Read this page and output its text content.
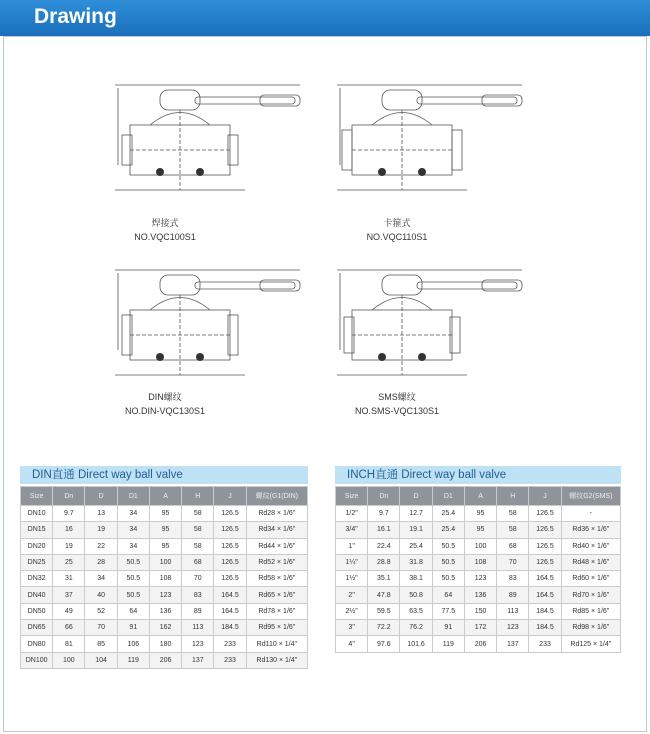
Drawing
焊接式
NO.VQC100S1
卡箍式
NO.VQC110S1
DIN螺纹
NO.DIN-VQC130S1
SMS螺纹
NO.SMS-VQC130S1
DIN直通 Direct way ball valve
Size	Dn	D	D1	A	H	J	螺纹(G1(DIN)
DN10	9.7	13	34	95	58	126.5	Rd28 × 1/6"
DN15	16	19	34	95	58	126.5	Rd34 × 1/6"
DN20	19	22	34	95	58	126.5	Rd44 × 1/6"
DN25	25	28	50.5	100	68	126.5	Rd52 × 1/6"
DN32	31	34	50.5	108	70	126.5	Rd58 × 1/6"
DN40	37	40	50.5	123	83	164.5	Rd65 × 1/6"
DN50	49	52	64	136	89	164.5	Rd78 × 1/6"
DN65	66	70	91	162	113	184.5	Rd95 × 1/6"
DN80	81	85	106	180	123	233	Rd110 × 1/4"
DN100	100	104	119	206	137	233	Rd130 × 1/4"
INCH直通 Direct way ball valve
Size	Dn	D	D1	A	H	J	螺纹G2(SMS)
1/2"	9.7	12.7	25.4	95	58	126.5	-
3/4"	16.1	19.1	25.4	95	58	126.5	Rd36 × 1/6"
1"	22.4	25.4	50.5	100	68	126.5	Rd40 × 1/6"
1¼"	28.8	31.8	50.5	108	70	126.5	Rd48 × 1/6"
1½"	35.1	38.1	50.5	123	83	164.5	Rd60 × 1/6"
2"	47.8	50.8	64	136	89	164.5	Rd70 × 1/6"
2½"	59.5	63.5	77.5	150	113	184.5	Rd85 × 1/6"
3"	72.2	76.2	91	172	123	184.5	Rd98 × 1/6"
4"	97.6	101.6	119	206	137	233	Rd125 × 1/4"
